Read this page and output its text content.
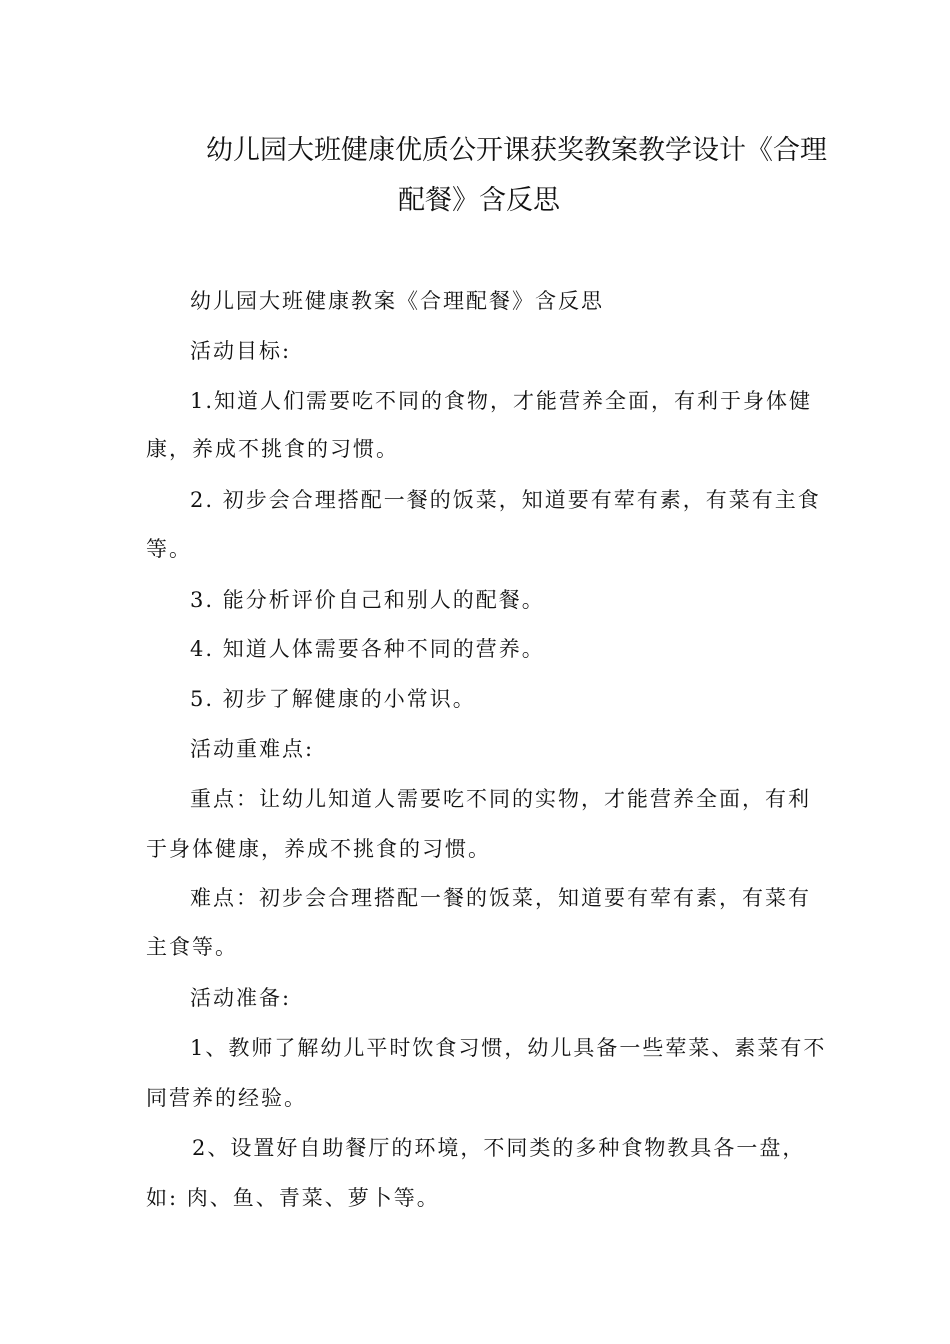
幼儿园大班健康优质公开课获奖教案教学设计《合理
配餐》含反思
幼儿园大班健康教案《合理配餐》含反思
活动目标:
1.知道人们需要吃不同的食物，才能营养全面，有利于身体健
康，养成不挑食的习惯。
2. 初步会合理搭配一餐的饭菜，知道要有荤有素，有菜有主食
等。
3. 能分析评价自己和别人的配餐。
4. 知道人体需要各种不同的营养。
5. 初步了解健康的小常识。
活动重难点:
重点：让幼儿知道人需要吃不同的实物，才能营养全面，有利
于身体健康，养成不挑食的习惯。
难点：初步会合理搭配一餐的饭菜，知道要有荤有素，有菜有
主食等。
活动准备:
1、教师了解幼儿平时饮食习惯，幼儿具备一些荤菜、素菜有不
同营养的经验。
2、设置好自助餐厅的环境，不同类的多种食物教具各一盘，
如: 肉、鱼、青菜、萝卜等。
